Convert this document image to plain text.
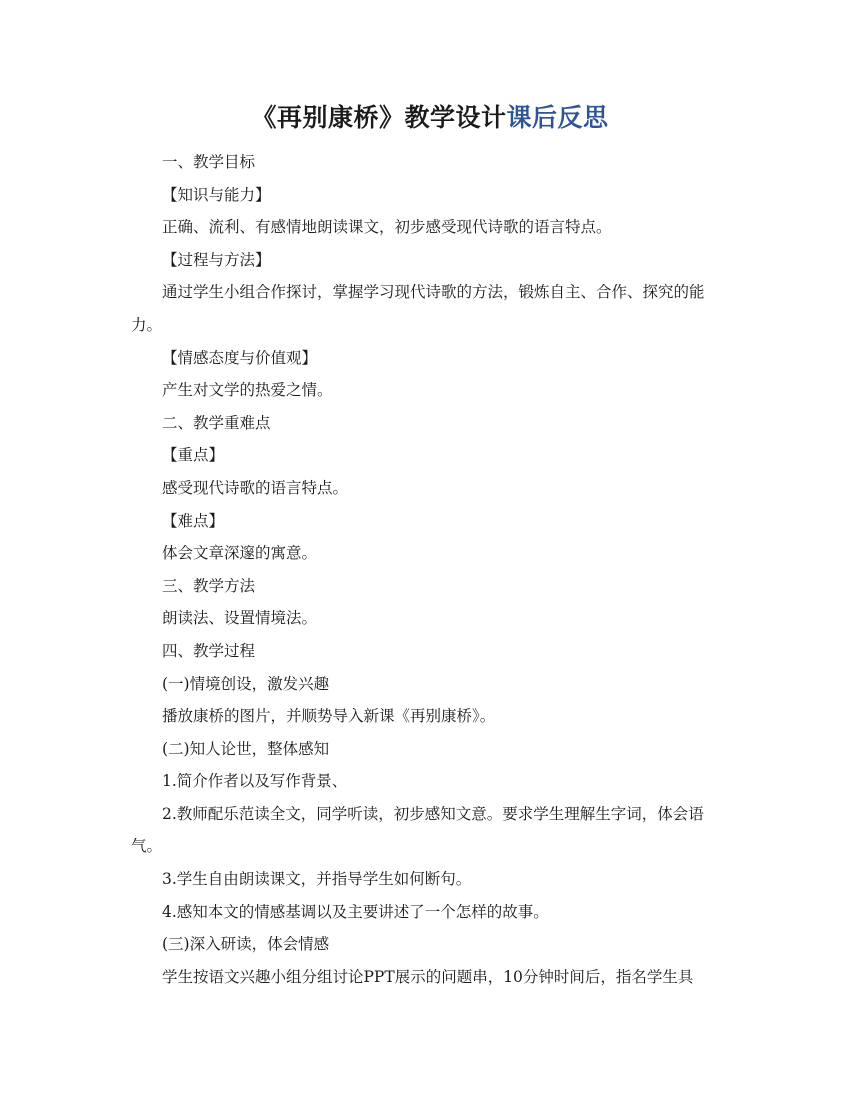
《再别康桥》教学设计课后反思

一、教学目标

【知识与能力】

正确、流利、有感情地朗读课文，初步感受现代诗歌的语言特点。

【过程与方法】

通过学生小组合作探讨，掌握学习现代诗歌的方法，锻炼自主、合作、探究的能力。

【情感态度与价值观】

产生对文学的热爱之情。

二、教学重难点

【重点】

感受现代诗歌的语言特点。

【难点】

体会文章深邃的寓意。

三、教学方法

朗读法、设置情境法。

四、教学过程

(一)情境创设，激发兴趣

播放康桥的图片，并顺势导入新课《再别康桥》。

(二)知人论世，整体感知

1.简介作者以及写作背景、

2.教师配乐范读全文，同学听读，初步感知文意。要求学生理解生字词，体会语气。

3.学生自由朗读课文，并指导学生如何断句。

4.感知本文的情感基调以及主要讲述了一个怎样的故事。

(三)深入研读，体会情感

学生按语文兴趣小组分组讨论PPT展示的问题串，10分钟时间后，指名学生具
